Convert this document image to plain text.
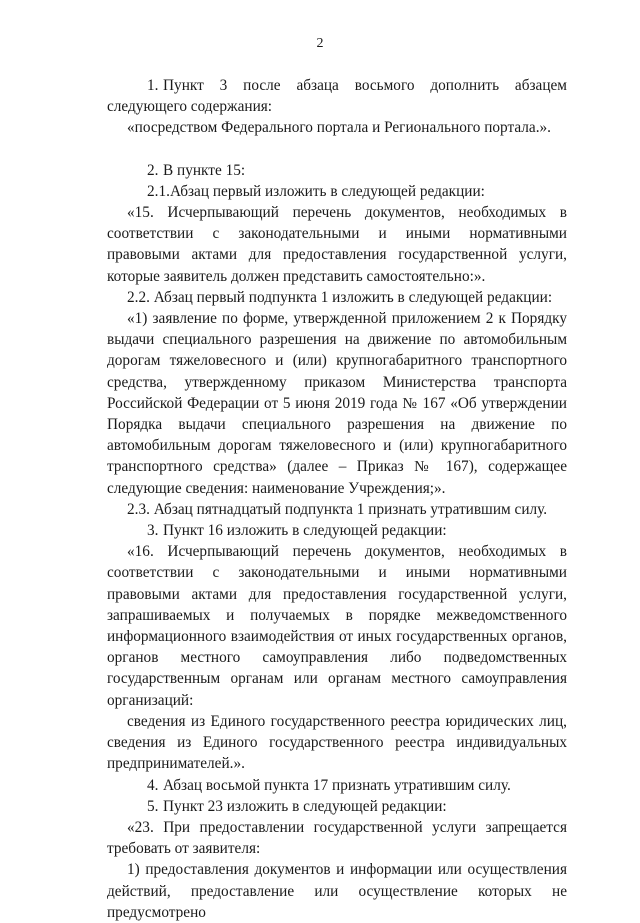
2

1. Пункт 3 после абзаца восьмого дополнить абзацем следующего содержания:

«посредством Федерального портала и Регионального портала.».

2. В пункте 15:

2.1.Абзац первый изложить в следующей редакции:

«15. Исчерпывающий перечень документов, необходимых в соответствии с законодательными и иными нормативными правовыми актами для предоставления государственной услуги, которые заявитель должен представить самостоятельно:».

2.2. Абзац первый подпункта 1 изложить в следующей редакции:

«1) заявление по форме, утвержденной приложением 2 к Порядку выдачи специального разрешения на движение по автомобильным дорогам тяжеловесного и (или) крупногабаритного транспортного средства, утвержденному приказом Министерства транспорта Российской Федерации от 5 июня 2019 года № 167 «Об утверждении Порядка выдачи специального разрешения на движение по автомобильным дорогам тяжеловесного и (или) крупногабаритного транспортного средства» (далее – Приказ № 167), содержащее следующие сведения: наименование Учреждения;».

2.3. Абзац пятнадцатый подпункта 1 признать утратившим силу.

3. Пункт 16 изложить в следующей редакции:

«16. Исчерпывающий перечень документов, необходимых в соответствии с законодательными и иными нормативными правовыми актами для предоставления государственной услуги, запрашиваемых и получаемых в порядке межведомственного информационного взаимодействия от иных государственных органов, органов местного самоуправления либо подведомственных государственным органам или органам местного самоуправления организаций:

сведения из Единого государственного реестра юридических лиц, сведения из Единого государственного реестра индивидуальных предпринимателей.».

4. Абзац восьмой пункта 17 признать утратившим силу.

5. Пункт 23 изложить в следующей редакции:

«23. При предоставлении государственной услуги запрещается требовать от заявителя:

1) предоставления документов и информации или осуществления действий, предоставление или осуществление которых не предусмотрено
